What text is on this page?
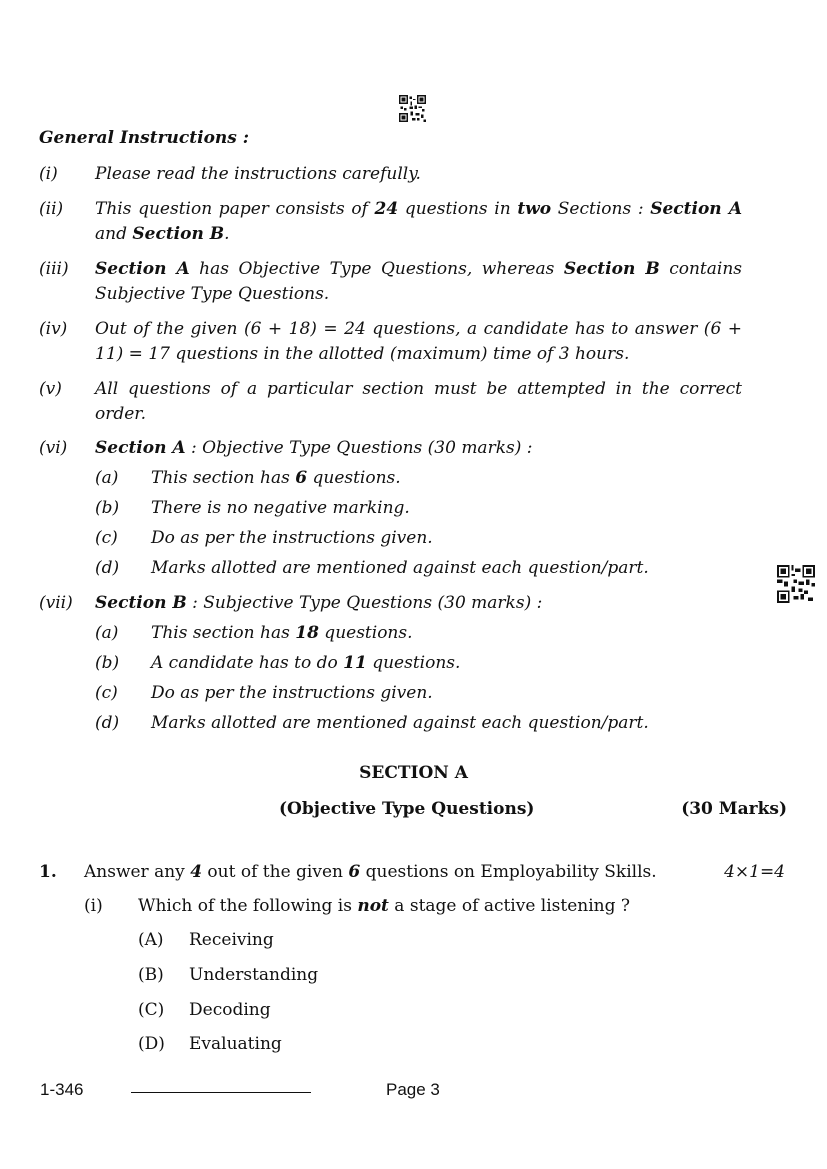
General Instructions :
(i) Please read the instructions carefully.
(ii) This question paper consists of 24 questions in two Sections : Section A and Section B.
(iii) Section A has Objective Type Questions, whereas Section B contains Subjective Type Questions.
(iv) Out of the given (6 + 18) = 24 questions, a candidate has to answer (6 + 11) = 17 questions in the allotted (maximum) time of 3 hours.
(v) All questions of a particular section must be attempted in the correct order.
(vi) Section A : Objective Type Questions (30 marks) :
(a) This section has 6 questions.
(b) There is no negative marking.
(c) Do as per the instructions given.
(d) Marks allotted are mentioned against each question/part.
(vii) Section B : Subjective Type Questions (30 marks) :
(a) This section has 18 questions.
(b) A candidate has to do 11 questions.
(c) Do as per the instructions given.
(d) Marks allotted are mentioned against each question/part.
SECTION A
(Objective Type Questions)	(30 Marks)
1. Answer any 4 out of the given 6 questions on Employability Skills.	4×1=4
(i) Which of the following is not a stage of active listening ?
(A) Receiving
(B) Understanding
(C) Decoding
(D) Evaluating
1-346	Page 3
